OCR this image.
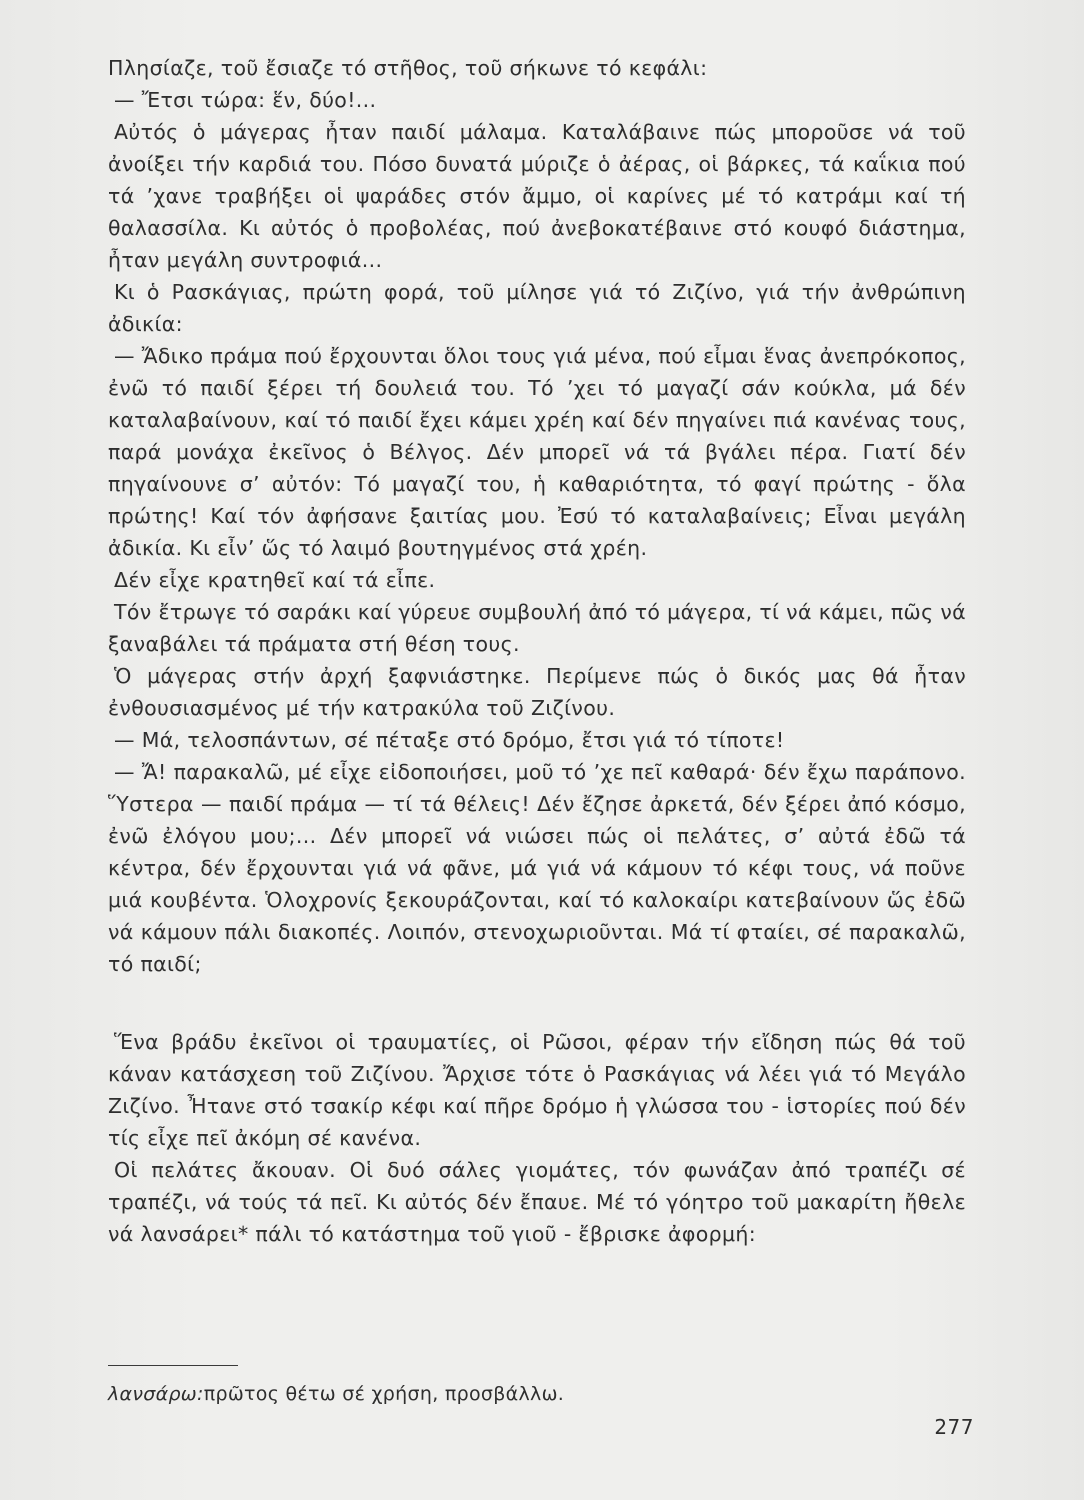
Πλησίαζε, τοῦ ἔσιαζε τό στῆθος, τοῦ σήκωνε τό κεφάλι:

— Ἔτσι τώρα: ἕν, δύο!...

Αὐτός ὁ μάγερας ἦταν παιδί μάλαμα. Καταλάβαινε πώς μποροῦσε νά τοῦ ἀνοίξει τήν καρδιά του. Πόσο δυνατά μύριζε ὁ ἀέρας, οἱ βάρκες, τά καΐκια πού τά ’χανε τραβήξει οἱ ψαράδες στόν ἄμμο, οἱ καρίνες μέ τό κατράμι καί τή θαλασσίλα. Κι αὐτός ὁ προβολέας, πού ἀνεβοκατέβαινε στό κουφό διάστημα, ἦταν μεγάλη συντροφιά...

Κι ὁ Ρασκάγιας, πρώτη φορά, τοῦ μίλησε γιά τό Ζιζίνο, γιά τήν ἀνθρώπινη ἀδικία:

— Ἄδικο πράμα πού ἔρχουνται ὅλοι τους γιά μένα, πού εἶμαι ἕνας ἀνεπρόκοπος, ἐνῶ τό παιδί ξέρει τή δουλειά του. Τό ’χει τό μαγαζί σάν κούκλα, μά δέν καταλαβαίνουν, καί τό παιδί ἔχει κάμει χρέη καί δέν πηγαίνει πιά κανένας τους, παρά μονάχα ἐκεῖνος ὁ Βέλγος. Δέν μπορεῖ νά τά βγάλει πέρα. Γιατί δέν πηγαίνουνε σ’ αὐτόν: Τό μαγαζί του, ἡ καθαριότητα, τό φαγί πρώτης - ὅλα πρώτης! Καί τόν ἀφήσανε ξαιτίας μου. Ἐσύ τό καταλαβαίνεις; Εἶναι μεγάλη ἀδικία. Κι εἶν’ ὥς τό λαιμό βουτηγμένος στά χρέη.

Δέν εἶχε κρατηθεῖ καί τά εἶπε.

Τόν ἔτρωγε τό σαράκι καί γύρευε συμβουλή ἀπό τό μάγερα, τί νά κάμει, πῶς νά ξαναβάλει τά πράματα στή θέση τους.

Ὁ μάγερας στήν ἀρχή ξαφνιάστηκε. Περίμενε πώς ὁ δικός μας θά ἦταν ἐνθουσιασμένος μέ τήν κατρακύλα τοῦ Ζιζίνου.

— Μά, τελοσπάντων, σέ πέταξε στό δρόμο, ἔτσι γιά τό τίποτε!

— Ἄ! παρακαλῶ, μέ εἶχε εἰδοποιήσει, μοῦ τό ’χε πεῖ καθαρά· δέν ἔχω παράπονο. Ὕστερα — παιδί πράμα — τί τά θέλεις! Δέν ἔζησε ἀρκετά, δέν ξέρει ἀπό κόσμο, ἐνῶ ἐλόγου μου;... Δέν μπορεῖ νά νιώσει πώς οἱ πελάτες, σ’ αὐτά ἐδῶ τά κέντρα, δέν ἔρχουνται γιά νά φᾶνε, μά γιά νά κάμουν τό κέφι τους, νά ποῦνε μιά κουβέντα. Ὁλοχρονίς ξεκουράζονται, καί τό καλοκαίρι κατεβαίνουν ὥς ἐδῶ νά κάμουν πάλι διακοπές. Λοιπόν, στενοχωριοῦνται. Μά τί φταίει, σέ παρακαλῶ, τό παιδί;

Ἕνα βράδυ ἐκεῖνοι οἱ τραυματίες, οἱ Ρῶσοι, φέραν τήν εἴδηση πώς θά τοῦ κάναν κατάσχεση τοῦ Ζιζίνου. Ἄρχισε τότε ὁ Ρασκάγιας νά λέει γιά τό Μεγάλο Ζιζίνο. Ἦτανε στό τσακίρ κέφι καί πῆρε δρόμο ἡ γλώσσα του - ἱστορίες πού δέν τίς εἶχε πεῖ ἀκόμη σέ κανένα.

Οἱ πελάτες ἄκουαν. Οἱ δυό σάλες γιομάτες, τόν φωνάζαν ἀπό τραπέζι σέ τραπέζι, νά τούς τά πεῖ. Κι αὐτός δέν ἔπαυε. Μέ τό γόητρο τοῦ μακαρίτη ἤθελε νά λανσάρει* πάλι τό κατάστημα τοῦ γιοῦ - ἔβρισκε ἀφορμή:

λανσάρω:πρῶτος θέτω σέ χρήση, προσβάλλω.
277
